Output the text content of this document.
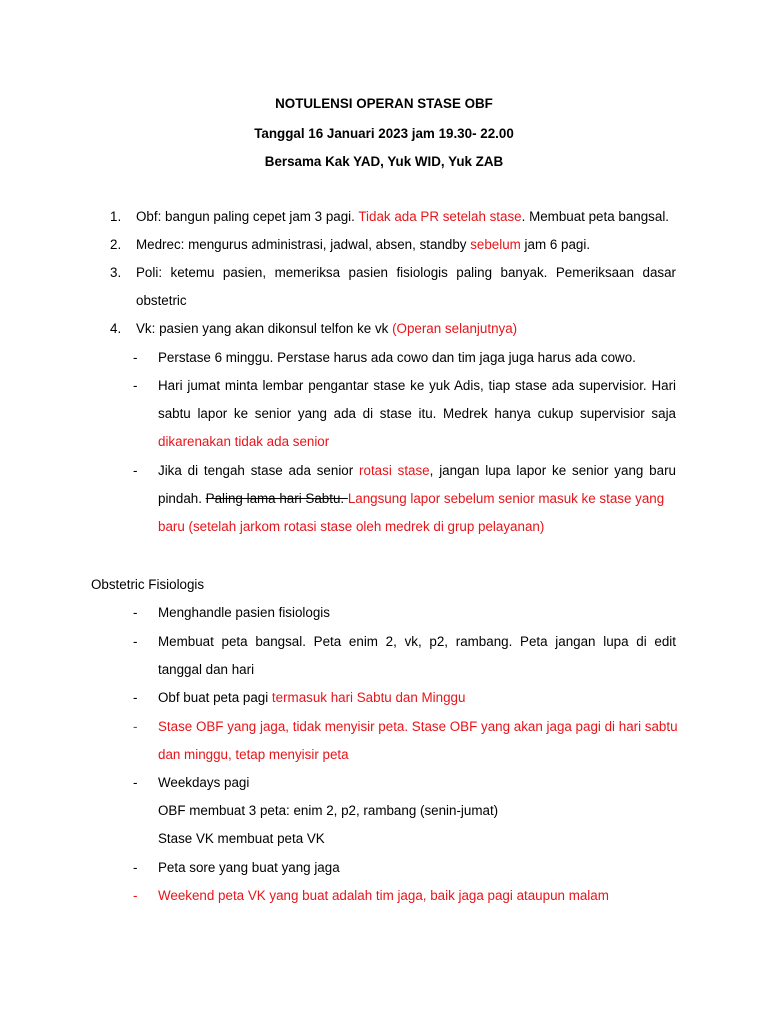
NOTULENSI OPERAN STASE OBF
Tanggal 16 Januari 2023 jam 19.30- 22.00
Bersama Kak YAD, Yuk WID, Yuk ZAB
1. Obf: bangun paling cepet jam 3 pagi. Tidak ada PR setelah stase. Membuat peta bangsal.
2. Medrec: mengurus administrasi, jadwal, absen, standby sebelum jam 6 pagi.
3. Poli: ketemu pasien, memeriksa pasien fisiologis paling banyak. Pemeriksaan dasar
obstetric
4. Vk: pasien yang akan dikonsul telfon ke vk (Operan selanjutnya)
- Perstase 6 minggu. Perstase harus ada cowo dan tim jaga juga harus ada cowo.
- Hari jumat minta lembar pengantar stase ke yuk Adis, tiap stase ada supervisior. Hari
sabtu lapor ke senior yang ada di stase itu. Medrek hanya cukup supervisior saja
dikarenakan tidak ada senior
- Jika di tengah stase ada senior rotasi stase, jangan lupa lapor ke senior yang baru
pindah. Paling lama hari Sabtu. Langsung lapor sebelum senior masuk ke stase yang
baru (setelah jarkom rotasi stase oleh medrek di grup pelayanan)
Obstetric Fisiologis
- Menghandle pasien fisiologis
- Membuat peta bangsal. Peta enim 2, vk, p2, rambang. Peta jangan lupa di edit
tanggal dan hari
- Obf buat peta pagi termasuk hari Sabtu dan Minggu
- Stase OBF yang jaga, tidak menyisir peta. Stase OBF yang akan jaga pagi di hari sabtu
dan minggu, tetap menyisir peta
- Weekdays pagi
OBF membuat 3 peta: enim 2, p2, rambang (senin-jumat)
Stase VK membuat peta VK
- Peta sore yang buat yang jaga
- Weekend peta VK yang buat adalah tim jaga, baik jaga pagi ataupun malam
